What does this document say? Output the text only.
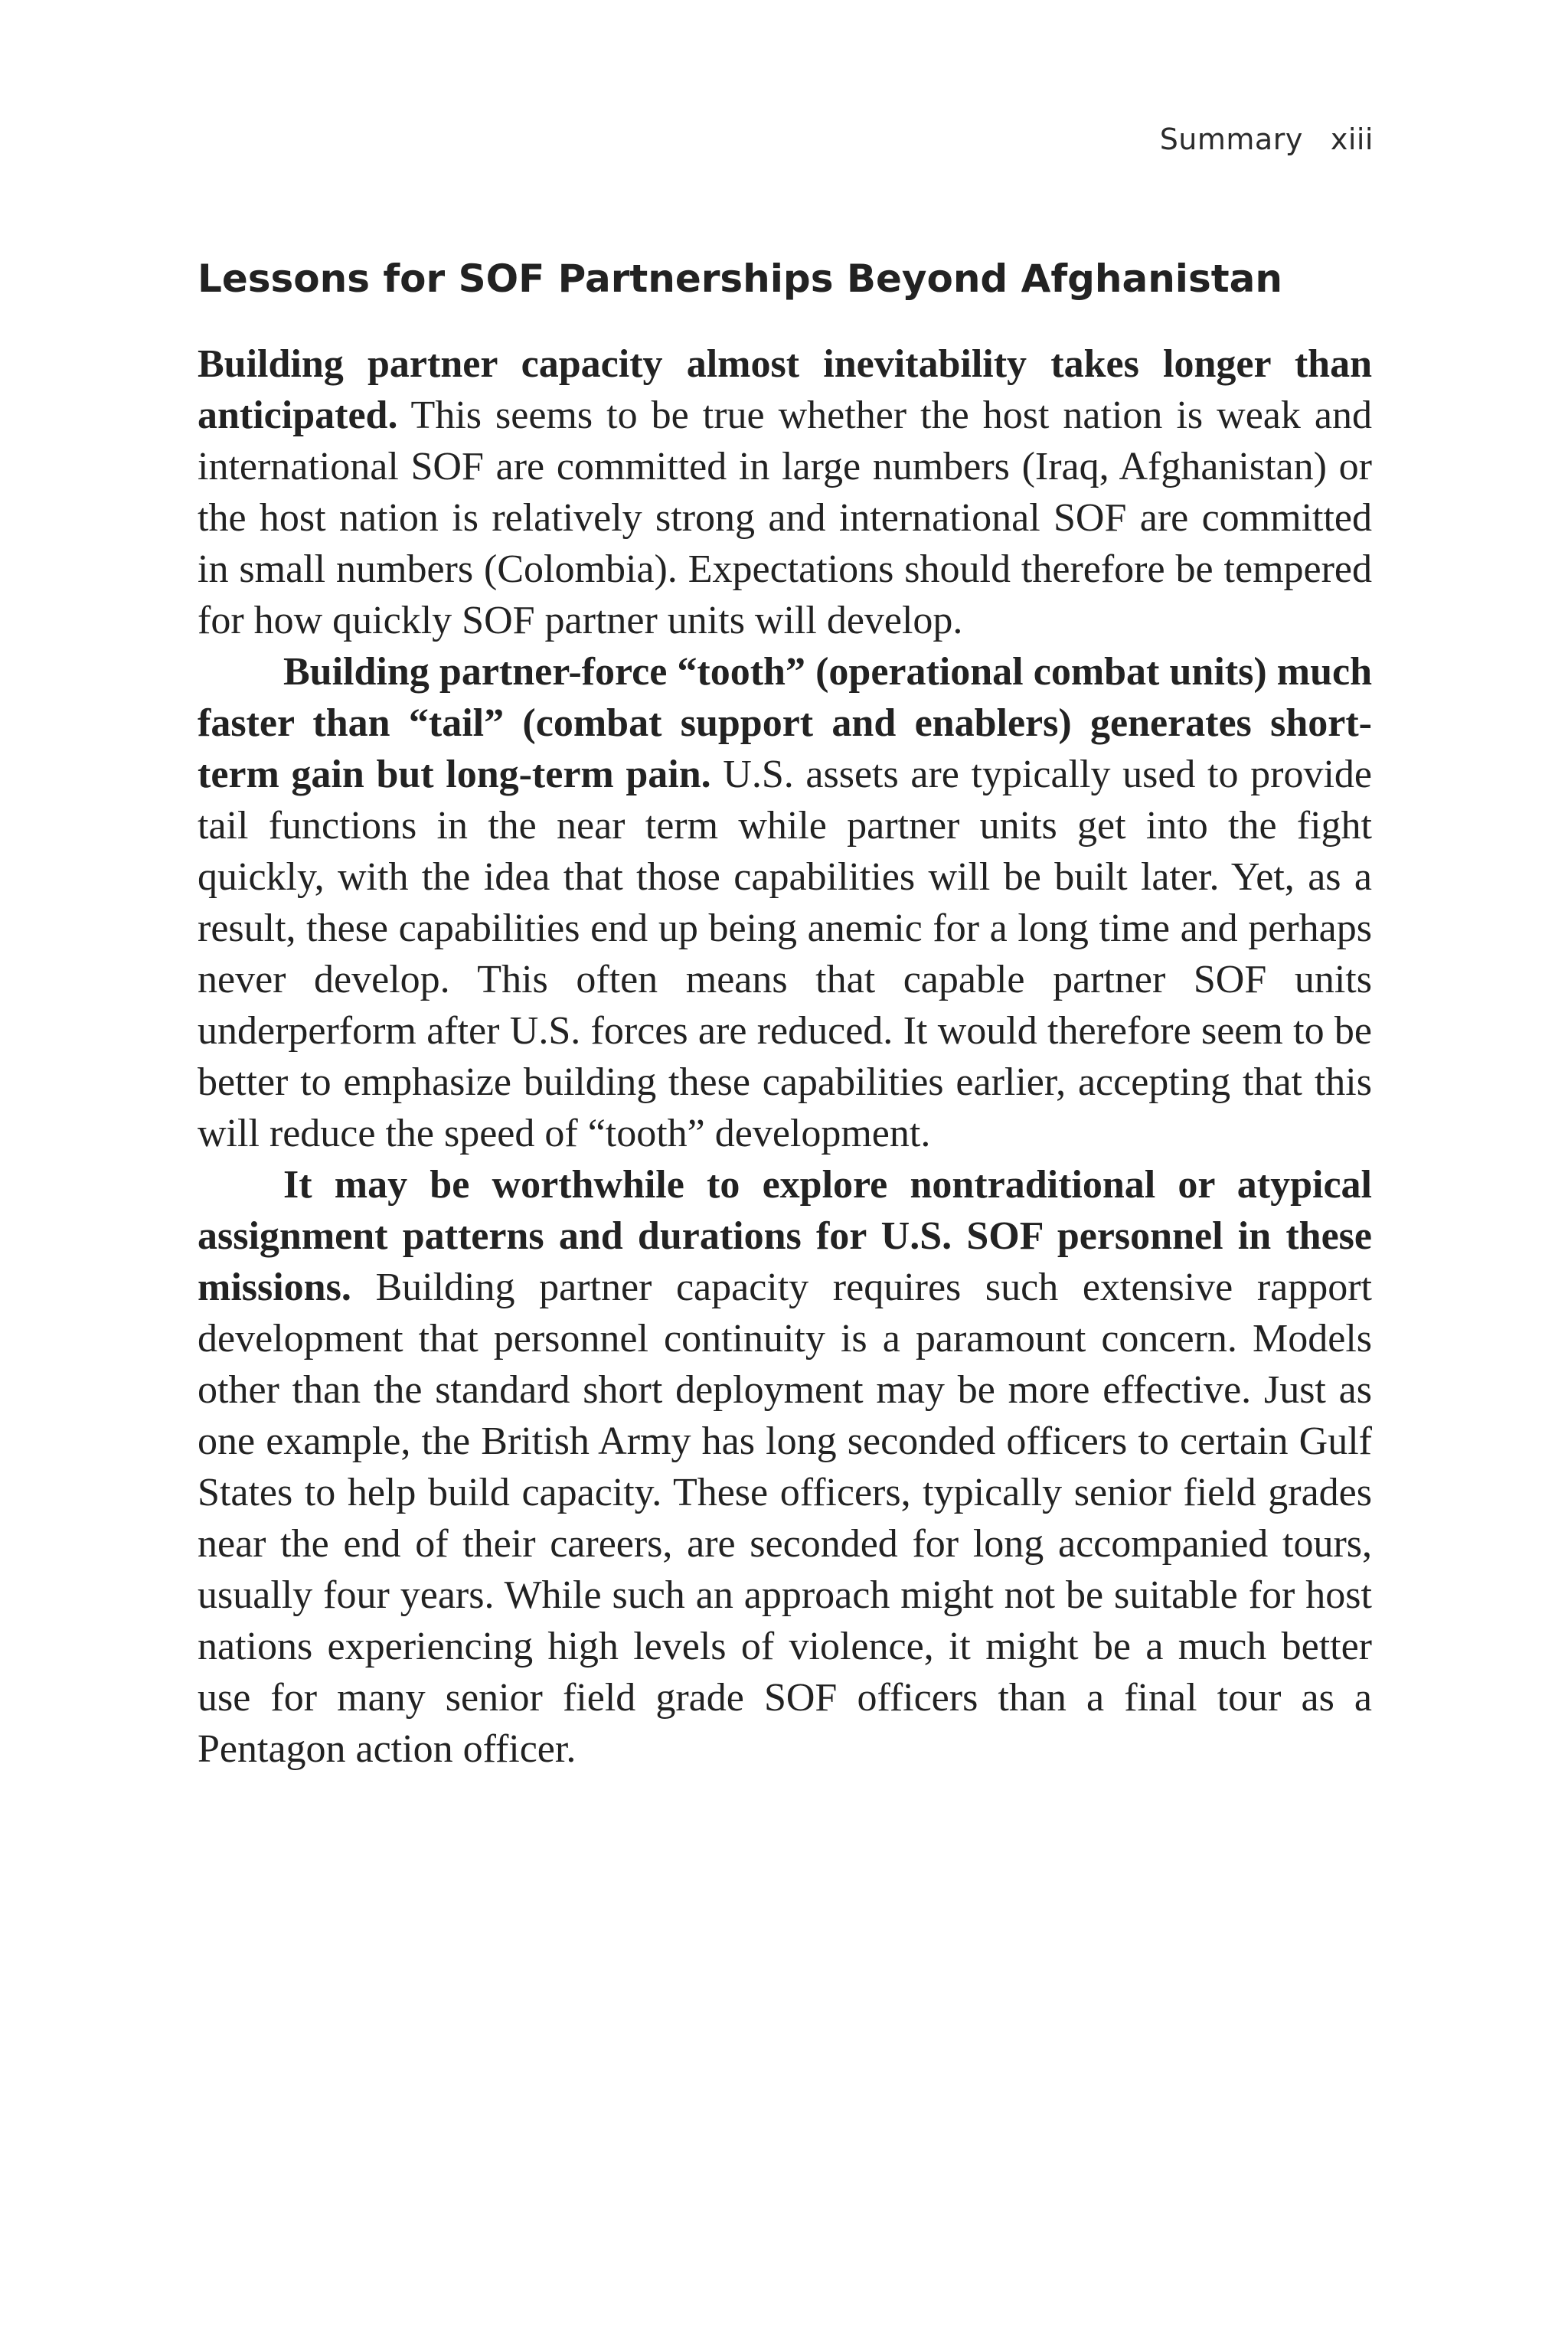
Summary xiii
Lessons for SOF Partnerships Beyond Afghanistan

Building partner capacity almost inevitability takes longer than anticipated. This seems to be true whether the host nation is weak and international SOF are committed in large numbers (Iraq, Afghanistan) or the host nation is relatively strong and international SOF are committed in small numbers (Colombia). Expectations should therefore be tempered for how quickly SOF partner units will develop.

Building partner-force “tooth” (operational combat units) much faster than “tail” (combat support and enablers) generates short-term gain but long-term pain. U.S. assets are typically used to provide tail functions in the near term while partner units get into the fight quickly, with the idea that those capabilities will be built later. Yet, as a result, these capabilities end up being anemic for a long time and perhaps never develop. This often means that capable partner SOF units underperform after U.S. forces are reduced. It would therefore seem to be better to emphasize building these capabilities earlier, accepting that this will reduce the speed of “tooth” development.

It may be worthwhile to explore nontraditional or atypical assignment patterns and durations for U.S. SOF personnel in these missions. Building partner capacity requires such extensive rapport development that personnel continuity is a paramount concern. Models other than the standard short deployment may be more effective. Just as one example, the British Army has long seconded officers to certain Gulf States to help build capacity. These officers, typically senior field grades near the end of their careers, are seconded for long accompanied tours, usually four years. While such an approach might not be suitable for host nations experiencing high levels of violence, it might be a much better use for many senior field grade SOF officers than a final tour as a Pentagon action officer.
